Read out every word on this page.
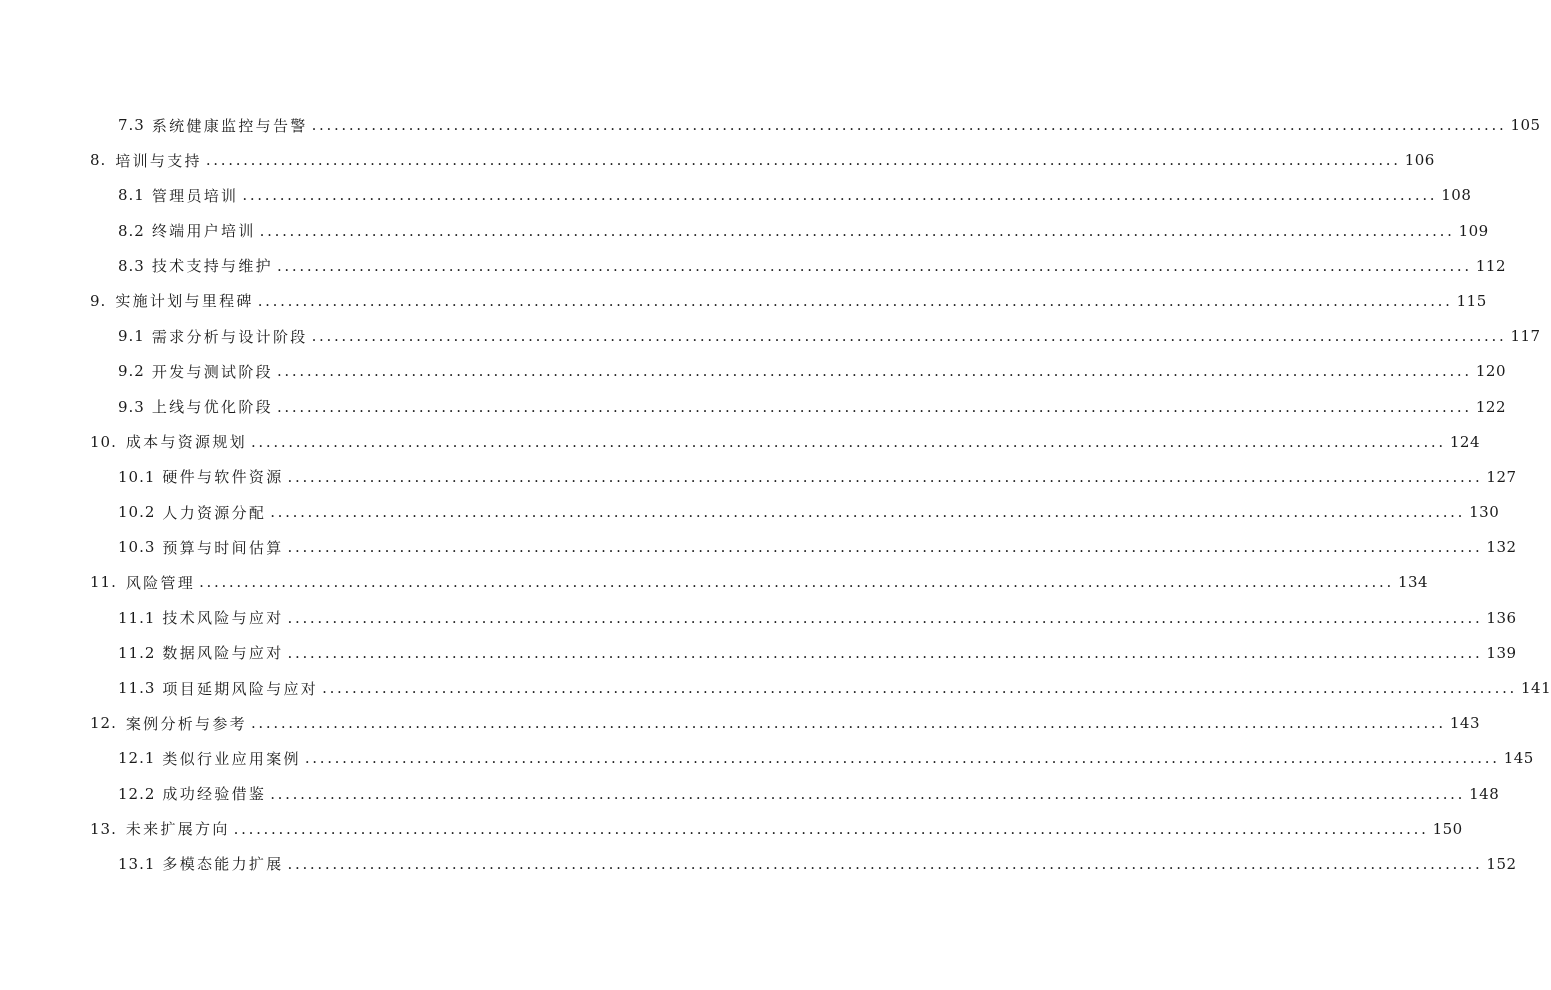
7.3 系统健康监控与告警 ................................................................................................................................................................ 105
8. 培训与支持 ................................................................................................................................................................ 106
8.1 管理员培训 ................................................................................................................................................................ 108
8.2 终端用户培训 ................................................................................................................................................................ 109
8.3 技术支持与维护 ................................................................................................................................................................ 112
9. 实施计划与里程碑 ................................................................................................................................................................ 115
9.1 需求分析与设计阶段 ................................................................................................................................................................ 117
9.2 开发与测试阶段 ................................................................................................................................................................ 120
9.3 上线与优化阶段 ................................................................................................................................................................ 122
10. 成本与资源规划 ................................................................................................................................................................ 124
10.1 硬件与软件资源 ................................................................................................................................................................ 127
10.2 人力资源分配 ................................................................................................................................................................ 130
10.3 预算与时间估算 ................................................................................................................................................................ 132
11. 风险管理 ................................................................................................................................................................ 134
11.1 技术风险与应对 ................................................................................................................................................................ 136
11.2 数据风险与应对 ................................................................................................................................................................ 139
11.3 项目延期风险与应对 ................................................................................................................................................................ 141
12. 案例分析与参考 ................................................................................................................................................................ 143
12.1 类似行业应用案例 ................................................................................................................................................................ 145
12.2 成功经验借鉴 ................................................................................................................................................................ 148
13. 未来扩展方向 ................................................................................................................................................................ 150
13.1 多模态能力扩展 ................................................................................................................................................................ 152
